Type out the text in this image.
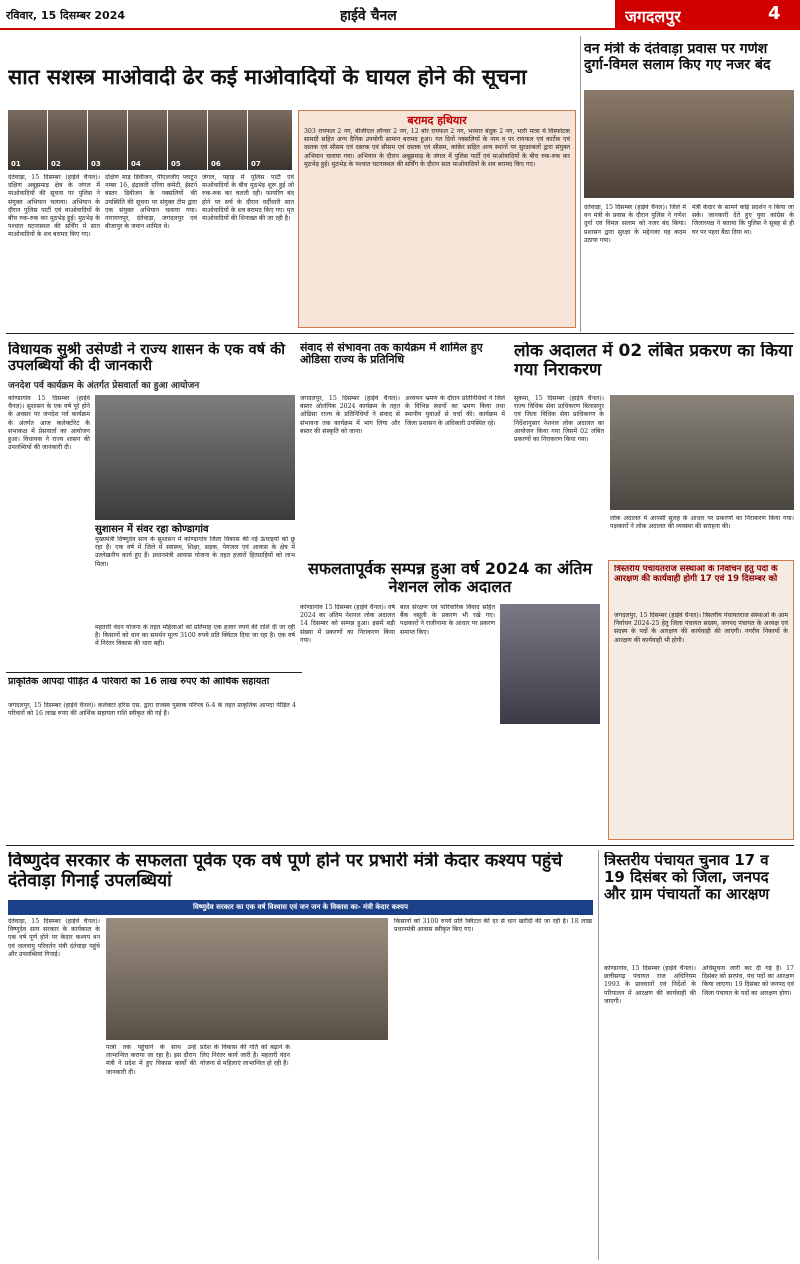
रविवार, 15 दिसम्बर 2024	हाईवे चैनल	जगदलपुर	4
सात सशस्त्र माओवादी ढेर कई माओवादियों के घायल होने की सूचना
01	02	03	04	05	06	07
बरामद हथियार
303 रायफल 2 नग, बीजीएल लॉन्चर 2 नग, 12 बोर रायफल 2 नग, भरमार बंदूक 2 नग, भारी मात्रा में विस्फोटक सामग्री सहित अन्य दैनिक उपयोगी सामान बरामद हुआ। गत दिनों नक्सलियों के नाम व पर रायफल एवं कार्टेक एवं दस्तक एवं सीसम एवं दस्तक एवं सीसम एवं दस्तक एवं सीसम, कांकेर सहित अन्य स्थानों पर सुरक्षाबलों द्वारा संयुक्त अभियान चलाया गया। अभियान के दौरान अबूझमाड़ के जंगल में पुलिस पार्टी एवं माओवादियों के बीच रुक-रुक कर मुठभेड़ हुई। मुठभेड़ के पश्चात घटनास्थल की सर्चिंग के दौरान सात माओवादियों के शव बरामद किए गए।
दंतेवाड़ा, 15 दिसम्बर (हाईवे चैनल)। दक्षिण अबूझमाड़ क्षेत्र के जंगल में माओवादियों की सूचना पर पुलिस ने संयुक्त अभियान चलाया। अभियान के दौरान पुलिस पार्टी एवं माओवादियों के बीच रुक-रुक कर मुठभेड़ हुई। मुठभेड़ के पश्चात घटनास्थल की सर्चिंग में सात माओवादियों के शव बरामद किए गए।
दक्षिण माड़ डिवीजन, पीएलजीए प्लाटून नम्बर 16, इंद्रावती एरिया कमेटी, ईस्टर्न बस्तर डिवीजन के नक्सलियों की उपस्थिति की सूचना पर संयुक्त टीम द्वारा एक संयुक्त अभियान चलाया गया। नारायणपुर, दंतेवाड़ा, जगदलपुर एवं बीजापुर के जवान शामिल थे।
जंगल, पहाड़ में पुलिस पार्टी एवं माओवादियों के बीच मुठभेड़ शुरू हुई जो रुक-रुक कर चलती रही। फायरिंग बंद होने पर सर्च के दौरान वर्दीधारी सात माओवादियों के शव बरामद किए गए। मृत माओवादियों की शिनाख्त की जा रही है।
वन मंत्री के दंतेवाड़ा प्रवास पर गणेश दुर्गा-विमल सलाम किए गए नजर बंद
दंतेवाड़ा, 15 दिसम्बर (हाईवे चैनल)। जिले में वन मंत्री के प्रवास के दौरान पुलिस ने गणेश दुर्गा एवं विमल सलाम को नजर बंद किया। प्रशासन द्वारा सुरक्षा के मद्देनजर यह कदम उठाया गया।
मंत्री केदार के सामने कोई प्रदर्शन न किया जा सके। जानकारी देते हुए युवा कांग्रेस के जिलाध्यक्ष ने बताया कि पुलिस ने सुबह से ही घर पर पहरा बैठा दिया था।
विधायक सुश्री उसेण्डी ने राज्य शासन के एक वर्ष की उपलब्धियों की दी जानकारी
जनदेश पर्व कार्यक्रम के अंतर्गत प्रेसवार्ता का हुआ आयोजन
कोण्डागांव 15 दिसम्बर (हाईवे चैनल)। सुशासन के एक वर्ष पूरे होने के अवसर पर जनदेश पर्व कार्यक्रम के अंतर्गत आज कलेक्टोरेट के सभाकक्ष में प्रेसवार्ता का आयोजन हुआ। विधायक ने राज्य शासन की उपलब्धियों की जानकारी दी।
संवाद से संभावना तक कार्यक्रम में शामिल हुए ओडिसा राज्य के प्रतिनिधि
सुशासन में संवर रहा कोण्डागांव
जगदलपुर, 15 दिसम्बर (हाईवे चैनल)। बस्तर ओलंपिक 2024 कार्यक्रम के तहत ओडिसा राज्य के प्रतिनिधियों ने संवाद से संभावना तक कार्यक्रम में भाग लिया और बस्तर की संस्कृति को जाना।
अध्ययन भ्रमण के दौरान प्रतिनिधियों ने जिले के विभिन्न स्थानों का भ्रमण किया तथा स्थानीय युवाओं से चर्चा की। कार्यक्रम में जिला प्रशासन के अधिकारी उपस्थित रहे।
लोक अदालत में 02 लंबित प्रकरण का किया गया निराकरण
सुकमा, 15 दिसम्बर (हाईवे चैनल)। राज्य विधिक सेवा प्राधिकरण बिलासपुर एवं जिला विधिक सेवा प्राधिकरण के निर्देशानुसार नेशनल लोक अदालत का आयोजन किया गया जिसमें 02 लंबित प्रकरणों का निराकरण किया गया।
लोक अदालत में आपसी सुलह के आधार पर प्रकरणों का निराकरण किया गया। पक्षकारों ने लोक अदालत की व्यवस्था की सराहना की।
मुख्यमंत्री विष्णुदेव साय के सुशासन में कोण्डागांव जिला विकास की नई ऊंचाइयों को छू रहा है। एक वर्ष में जिले में स्वास्थ्य, शिक्षा, सड़क, पेयजल एवं आवास के क्षेत्र में उल्लेखनीय कार्य हुए हैं। प्रधानमंत्री आवास योजना के तहत हजारों हितग्राहियों को लाभ मिला।
महतारी वंदन योजना के तहत महिलाओं को प्रतिमाह एक हजार रुपये की राशि दी जा रही है। किसानों को धान का समर्थन मूल्य 3100 रुपये प्रति क्विंटल दिया जा रहा है। एक वर्ष में निरंतर विकास की धारा बही।
सफलतापूर्वक सम्पन्न हुआ वर्ष 2024 का अंतिम नेशनल लोक अदालत
कोण्डागांव 15 दिसम्बर (हाईवे चैनल)। वर्ष 2024 का अंतिम नेशनल लोक अदालत 14 दिसम्बर को सम्पन्न हुआ। इसमें बड़ी संख्या में प्रकरणों का निराकरण किया गया।
बाल संरक्षण एवं पारिवारिक विवाद सहित बैंक वसूली के प्रकरण भी रखे गए। पक्षकारों ने राजीनामा के आधार पर प्रकरण समाप्त किए।
त्रिस्तरीय पंचायतराज संस्थाओं के निर्वाचन हेतु पदों के आरक्षण की कार्यवाही होगी 17 एवं 19 दिसम्बर को
जगदलपुर, 15 दिसम्बर (हाईवे चैनल)। त्रिस्तरीय पंचायतराज संस्थाओं के आम निर्वाचन 2024-25 हेतु जिला पंचायत सदस्य, जनपद पंचायत के अध्यक्ष एवं सदस्य के पदों के आरक्षण की कार्यवाही की जाएगी। नगरीय निकायों के आरक्षण की कार्यवाही भी होगी।
प्राकृतिक आपदा पीड़ित 4 परिवारों को 16 लाख रुपए की आर्थिक सहायता
जगदलपुर, 15 दिसम्बर (हाईवे चैनल)। कलेक्टर हरिस एस. द्वारा राजस्व पुस्तक परिपत्र 6-4 के तहत प्राकृतिक आपदा पीड़ित 4 परिवारों को 16 लाख रुपए की आर्थिक सहायता राशि स्वीकृत की गई है।
विष्णुदेव सरकार के सफलता पूर्वक एक वर्ष पूर्ण होने पर प्रभारी मंत्री केदार कश्यप पहुंचे दंतेवाड़ा गिनाई उपलब्धियां
विष्णुदेव सरकार का एक वर्ष विश्वास एवं जन जन के विकास का- मंत्री केदार कश्यप
दंतेवाड़ा, 15 दिसम्बर (हाईवे चैनल)। विष्णुदेव साय सरकार के कार्यकाल के एक वर्ष पूर्ण होने पर केदार कश्यप वन एवं जलवायु परिवर्तन मंत्री दंतेवाड़ा पहुंचे और उपलब्धियां गिनाई।
पात्रों तक पहुंचाने के साथ उन्हें लाभान्वित कराया जा रहा है। इस दौरान मंत्री ने प्रदेश में हुए विकास कार्यों की जानकारी दी।
प्रदेश के विकास की गति को बढ़ाने के लिए निरंतर कार्य जारी है। महतारी वंदन योजना से महिलाएं लाभान्वित हो रही हैं।
किसानों को 3100 रुपये प्रति क्विंटल की दर से धान खरीदी की जा रही है। 18 लाख प्रधानमंत्री आवास स्वीकृत किए गए।
त्रिस्तरीय पंचायत चुनाव 17 व 19 दिसंबर को जिला, जनपद और ग्राम पंचायतों का आरक्षण
कोण्डागांव, 15 दिसम्बर (हाईवे चैनल)। छत्तीसगढ़ पंचायत राज अधिनियम 1993 के प्रावधानों एवं निर्देशों के परिपालन में आरक्षण की कार्यवाही की जाएगी।
अधिसूचना जारी कर दी गई है। 17 दिसंबर को सरपंच, पंच पदों का आरक्षण किया जाएगा। 19 दिसंबर को जनपद एवं जिला पंचायत के पदों का आरक्षण होगा।
